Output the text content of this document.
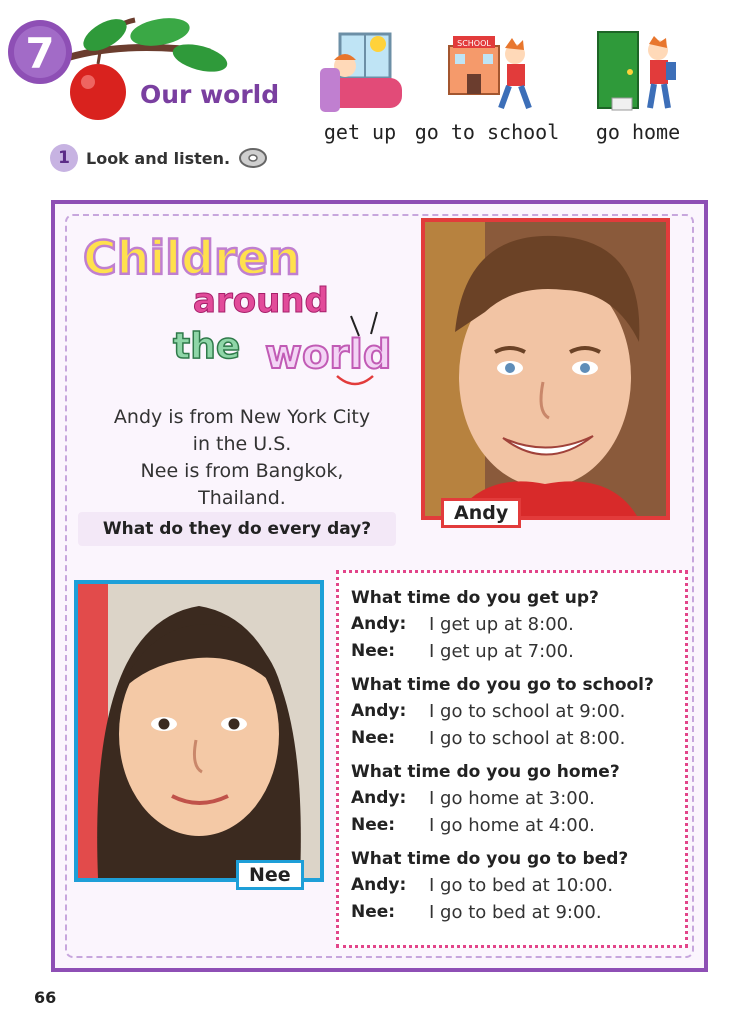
7
Our world
get up
SCHOOL
go to school	go home
1	Look and listen.
Children
around
the world
Andy is from New York City
in the U.S.
Nee is from Bangkok,
Thailand.
What do they do every day?
Andy
Nee
What time do you get up?
Andy:	I get up at 8:00.
Nee:	I get up at 7:00.
What time do you go to school?
Andy:	I go to school at 9:00.
Nee:	I go to school at 8:00.
What time do you go home?
Andy:	I go home at 3:00.
Nee:	I go home at 4:00.
What time do you go to bed?
Andy:	I go to bed at 10:00.
Nee:	I go to bed at 9:00.
66
